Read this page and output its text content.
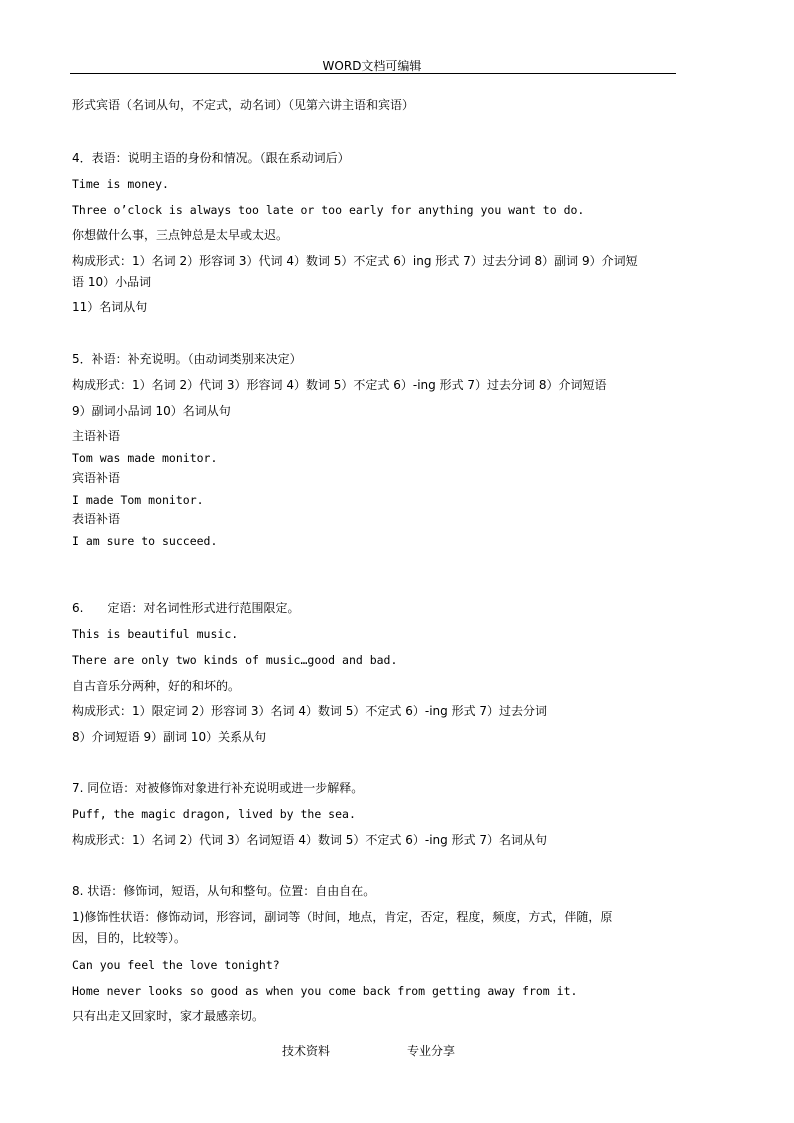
WORD文档可编辑
形式宾语（名词从句，不定式，动名词）（见第六讲主语和宾语）
4．表语：说明主语的身份和情况。（跟在系动词后）
Time is money.
Three o’clock is always too late or too early for anything you want to do.
你想做什么事，三点钟总是太早或太迟。
构成形式：1）名词 2）形容词 3）代词 4）数词 5）不定式 6）ing 形式 7）过去分词 8）副词 9）介词短
语 10）小品词
11）名词从句
5．补语：补充说明。（由动词类别来决定）
构成形式：1）名词 2）代词 3）形容词 4）数词 5）不定式 6）-ing 形式 7）过去分词 8）介词短语
9）副词小品词 10）名词从句
主语补语
Tom was made monitor.
宾语补语
I made Tom monitor.
表语补语
I am sure to succeed.
6.　　定语：对名词性形式进行范围限定。
This is beautiful music.
There are only two kinds of music…good and bad.
自古音乐分两种，好的和坏的。
构成形式：1）限定词 2）形容词 3）名词 4）数词 5）不定式 6）-ing 形式 7）过去分词
8）介词短语 9）副词 10）关系从句
7. 同位语：对被修饰对象进行补充说明或进一步解释。
Puff, the magic dragon, lived by the sea.
构成形式：1）名词 2）代词 3）名词短语 4）数词 5）不定式 6）-ing 形式 7）名词从句
8. 状语：修饰词，短语，从句和整句。位置：自由自在。
1)修饰性状语：修饰动词，形容词，副词等（时间，地点，肯定，否定，程度，频度，方式，伴随，原
因，目的，比较等）。
Can you feel the love tonight?
Home never looks so good as when you come back from getting away from it.
只有出走又回家时，家才最感亲切。
技术资料	专业分享
